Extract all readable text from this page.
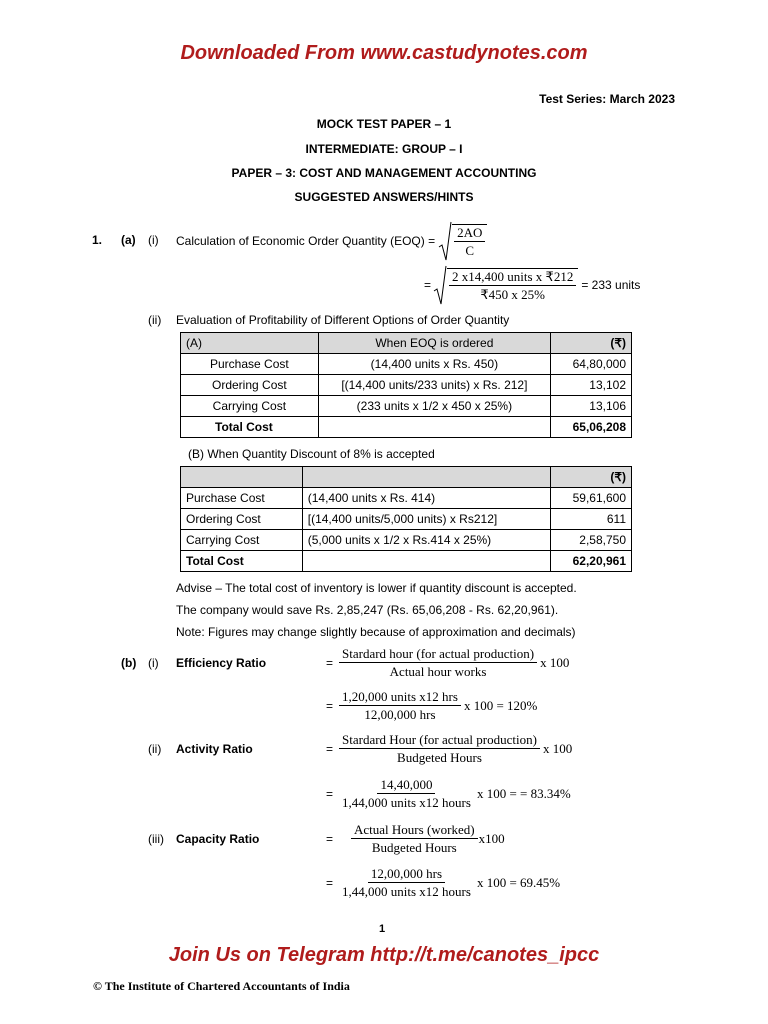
Downloaded From www.castudynotes.com
Test Series: March 2023
MOCK TEST PAPER – 1
INTERMEDIATE: GROUP – I
PAPER – 3: COST AND MANAGEMENT ACCOUNTING
SUGGESTED ANSWERS/HINTS
1. (a) (i) Calculation of Economic Order Quantity $(EOQ) = \frac{2AO}{C}$
= $\frac{\text{2 x14,400 units x ₹212}}{₹450 x 25\%} = 233$ units
(ii) Evaluation of Profitability of Different Options of Order Quantity
(A)	When EOQ is ordered	(₹)
Purchase Cost	(14,400 units x Rs. 450)	64,80,000
Ordering Cost	[(14,400 units/233 units) x Rs. 212]	13,102
Carrying Cost	(233 units x 1/2 x 450 x 25%)	13,106
Total Cost		65,06,208
(B) When Quantity Discount of 8% is accepted
		(₹)
Purchase Cost	(14,400 units x Rs. 414)	59,61,600
Ordering Cost	[(14,400 units/5,000 units) x Rs212]	611
Carrying Cost	(5,000 units x 1/2 x Rs.414 x 25%)	2,58,750
Total Cost		62,20,961
Advise – The total cost of inventory is lower if quantity discount is accepted.
The company would save Rs. 2,85,247 (Rs. 65,06,208 - Rs. 62,20,961).
Note: Figures may change slightly because of approximation and decimals)
(b) (i) Efficiency Ratio	= $\frac{\text{Stardard hour (for actual production)}}{\text{Actual hour works}}$ x 100
= $\frac{\text{1,20,000 units x12 hrs}}{\text{12,00,000 hrs}}$ x 100 = 120%
(ii) Activity Ratio	= $\frac{\text{Stardard Hour (for actual production)}}{\text{Budgeted Hours}}$ x 100
= $\frac{14,40,000}{\text{1,44,000 units x12 hours}}$ x 100 = = 83.34%
(iii) Capacity Ratio	= $\frac{\text{Actual Hours (worked)}}{\text{Budgeted Hours}} x100$
= $\frac{\text{12,00,000 hrs}}{\text{1,44,000 units x12 hours}}$ x 100 = 69.45%
1
Join Us on Telegram http://t.me/canotes_ipcc
© The Institute of Chartered Accountants of India
